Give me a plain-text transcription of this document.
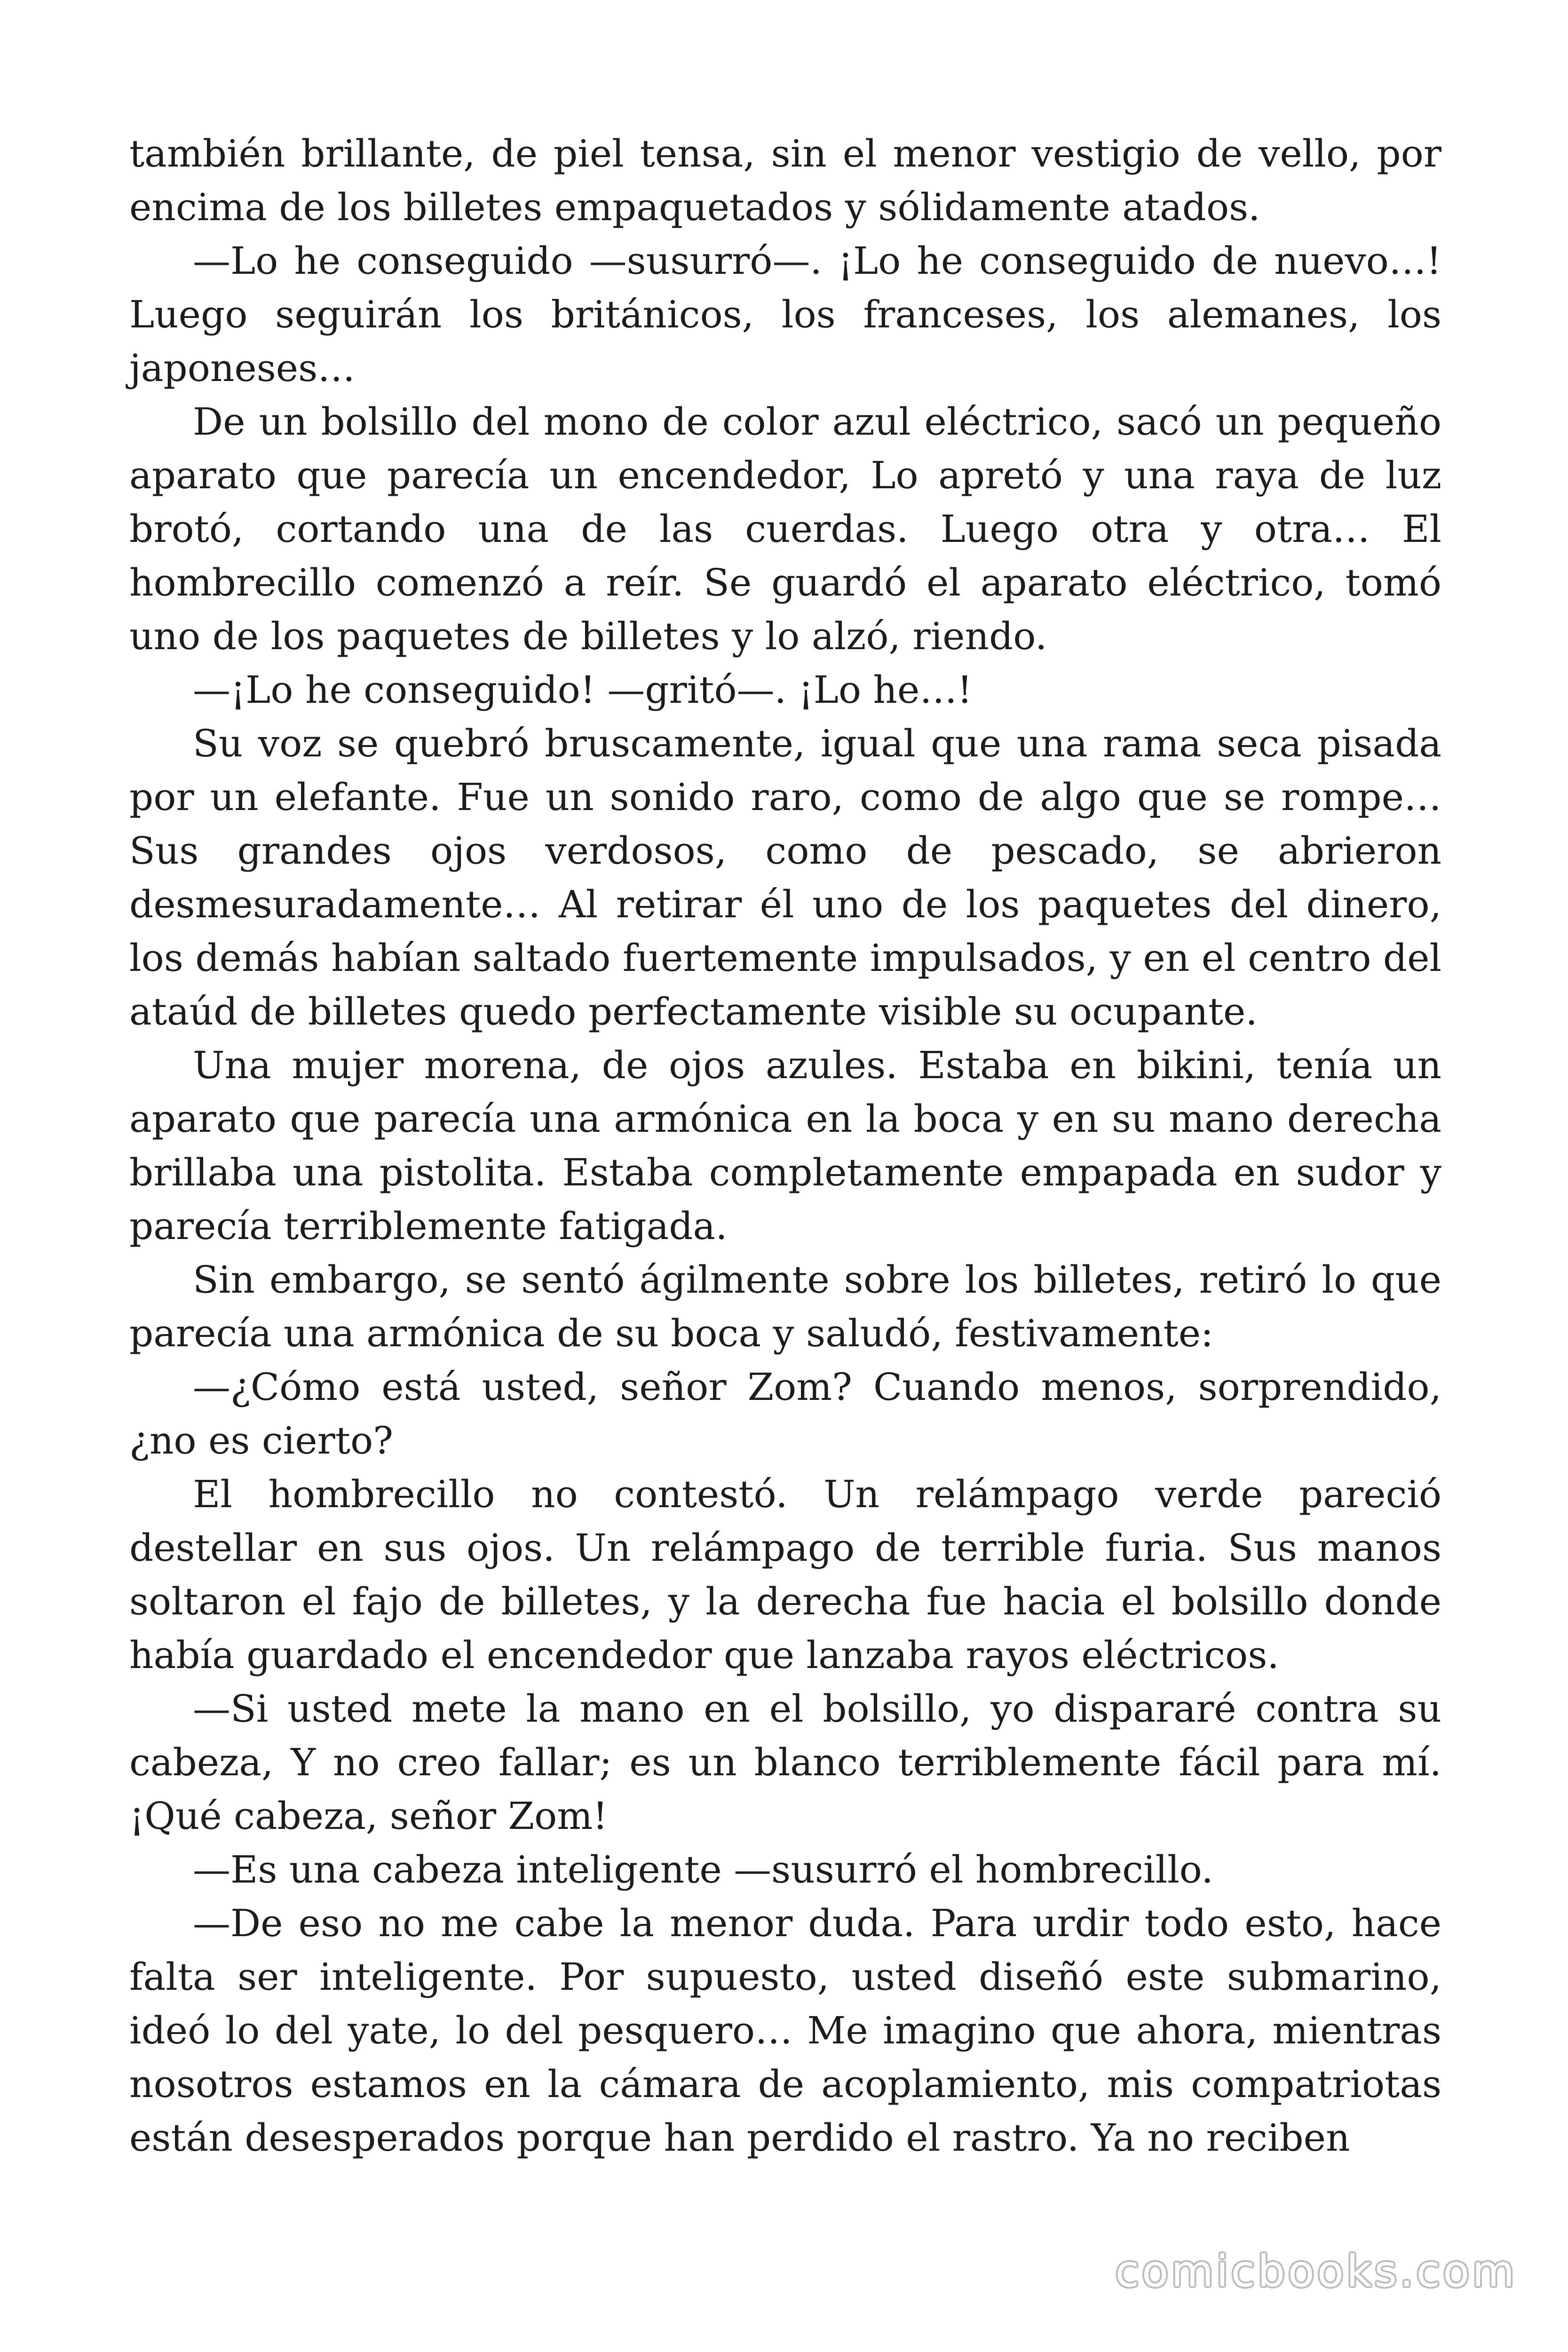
también brillante, de piel tensa, sin el menor vestigio de vello, por encima de los billetes empaquetados y sólidamente atados.

—Lo he conseguido —susurró—. ¡Lo he conseguido de nuevo…! Luego seguirán los británicos, los franceses, los alemanes, los japoneses…

De un bolsillo del mono de color azul eléctrico, sacó un pequeño aparato que parecía un encendedor, Lo apretó y una raya de luz brotó, cortando una de las cuerdas. Luego otra y otra… El hombrecillo comenzó a reír. Se guardó el aparato eléctrico, tomó uno de los paquetes de billetes y lo alzó, riendo.

—¡Lo he conseguido! —gritó—. ¡Lo he…!

Su voz se quebró bruscamente, igual que una rama seca pisada por un elefante. Fue un sonido raro, como de algo que se rompe… Sus grandes ojos verdosos, como de pescado, se abrieron desmesuradamente… Al retirar él uno de los paquetes del dinero, los demás habían saltado fuertemente impulsados, y en el centro del ataúd de billetes quedo perfectamente visible su ocupante.

Una mujer morena, de ojos azules. Estaba en bikini, tenía un aparato que parecía una armónica en la boca y en su mano derecha brillaba una pistolita. Estaba completamente empapada en sudor y parecía terriblemente fatigada.

Sin embargo, se sentó ágilmente sobre los billetes, retiró lo que parecía una armónica de su boca y saludó, festivamente:

—¿Cómo está usted, señor Zom? Cuando menos, sorprendido, ¿no es cierto?

El hombrecillo no contestó. Un relámpago verde pareció destellar en sus ojos. Un relámpago de terrible furia. Sus manos soltaron el fajo de billetes, y la derecha fue hacia el bolsillo donde había guardado el encendedor que lanzaba rayos eléctricos.

—Si usted mete la mano en el bolsillo, yo dispararé contra su cabeza, Y no creo fallar; es un blanco terriblemente fácil para mí. ¡Qué cabeza, señor Zom!

—Es una cabeza inteligente —susurró el hombrecillo.

—De eso no me cabe la menor duda. Para urdir todo esto, hace falta ser inteligente. Por supuesto, usted diseñó este submarino, ideó lo del yate, lo del pesquero… Me imagino que ahora, mientras nosotros estamos en la cámara de acoplamiento, mis compatriotas están desesperados porque han perdido el rastro. Ya no reciben

comicbooks.com
